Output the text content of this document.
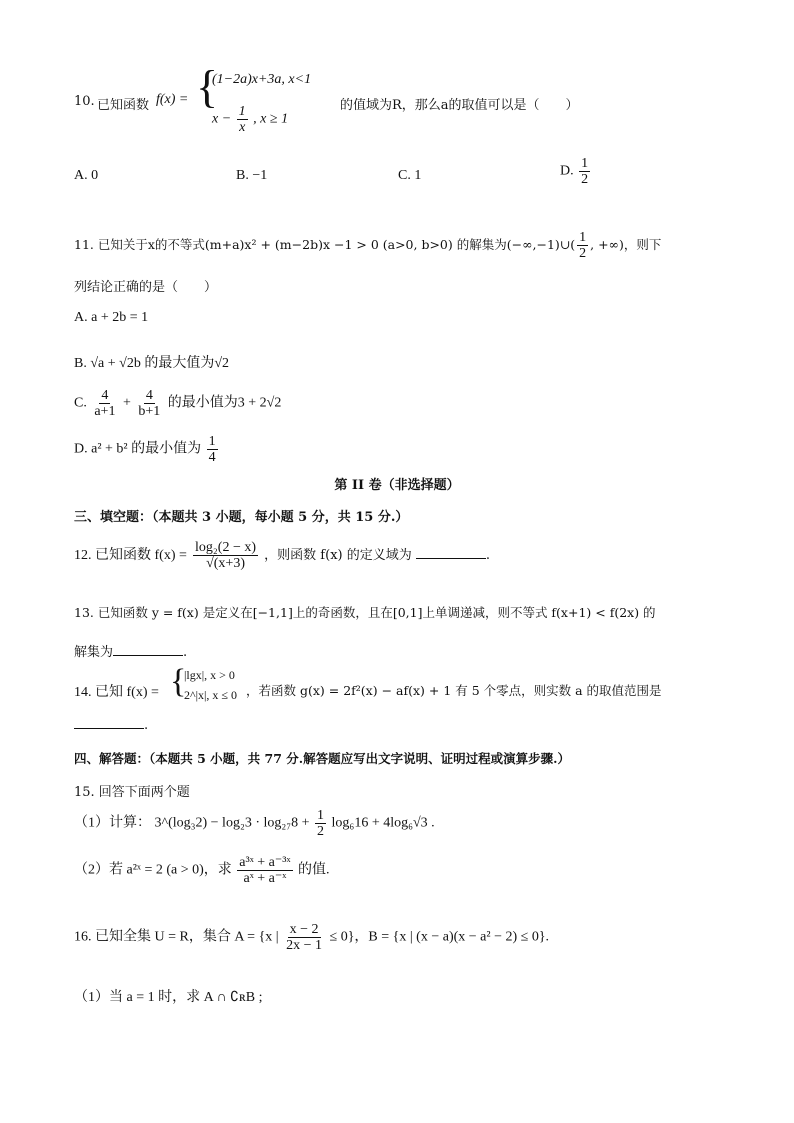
10. 已知函数 f(x) = {
(1−2a)x+3a, x<1
$x - \frac{1}{x}$ , x ≥ 1
的值域为R，那么a的取值可以是（　　）
A. 0	B. −1	C. 1	D. $\frac{1}{2}$
11. 已知关于x的不等式(m+a)x² + (m−2b)x −1 > 0 (a>0, b>0) 的解集为(−∞,−1)∪( $\frac{1}{2}$ , +∞)，则下
列结论正确的是（　　）
A. a + 2b = 1
B. √a + √2b 的最大值为√2
C. $\frac{4}{a+1} + \frac{4}{b+1}$ 的最小值为3 + 2√2
D. a² + b² 的最小值为 $\frac{1}{4}$
第 II 卷（非选择题）
三、填空题：（本题共 3 小题，每小题 5 分，共 15 分.）
12. 已知函数 $f(x) = \frac{\text{log₂(2 − x)}}{√(x+3)}$ ，则函数 f(x) 的定义域为	.
13. 已知函数 y = f(x) 是定义在[−1,1]上的奇函数，且在[0,1]上单调递减，则不等式 f(x+1) < f(2x) 的
解集为	.
14. 已知 f(x) = {
|lgx|, x > 0
2^|x|, x ≤ 0 ，若函数 g(x) = 2f²(x) − af(x) + 1 有 5 个零点，则实数 a 的取值范围是
.
四、解答题：（本题共 5 小题，共 77 分.解答题应写出文字说明、证明过程或演算步骤.）
15. 回答下面两个题
（1）计算： 3^(log₃2) − $\log_23 \cdot \log_{27}8 + \frac{1}{2} \log_616 + 4\log_6√3$ .
（2）若 a²ˣ = 2 (a > 0)，求 $\frac{\text{a³ˣ + a⁻³ˣ}}{\text{aˣ + a⁻ˣ}}$ 的值.
16. 已知全集 U = R，集合 A = {x | $\frac{x - 2}{2x - 1} \le 0$}，B = {x | (x − a)(x − a² − 2) ≤ 0}.
（1）当 a = 1 时，求 A ∩ ∁ʀB ;
